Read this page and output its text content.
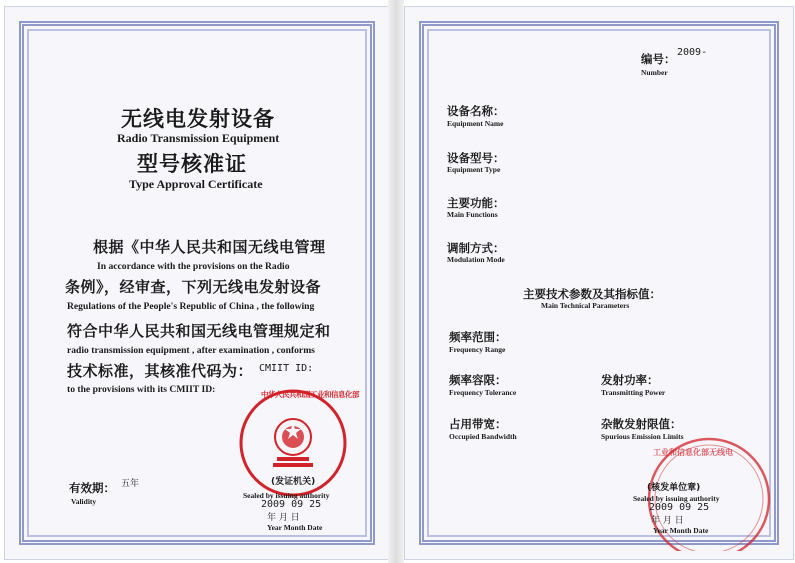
无线电发射设备
Radio Transmission Equipment
型号核准证
Type Approval Certificate
根据《中华人民共和国无线电管理
In accordance with the provisions on the Radio
条例》，经审查，下列无线电发射设备
Regulations of the People's Republic of China , the following
符合中华人民共和国无线电管理规定和
radio transmission equipment , after examination , conforms
技术标准，其核准代码为： CMIIT ID:
to the provisions with its CMIIT ID:	中华人民共和国工业和信息化部
(发证机关)
有效期： 五年
Validity
Sealed by issuing authority
2009 09 25
年 月 日
Year Month Date
编号： 2009-
Number
设备名称：
Equipment Name
设备型号：
Equipment Type
主要功能：
Main Functions
调制方式：
Modulation Mode
主要技术参数及其指标值：
Main Technical Parameters
频率范围：
Frequency Range
频率容限：
Frequency Tolerance
发射功率：
Transmitting Power
占用带宽：
Occupied Bandwidth
杂散发射限值：
Spurious Emission Limits
工业和信息化部无线电
(核发单位章)
Sealed by issuing authority
2009 09 25
年 月 日
Year Month Date
